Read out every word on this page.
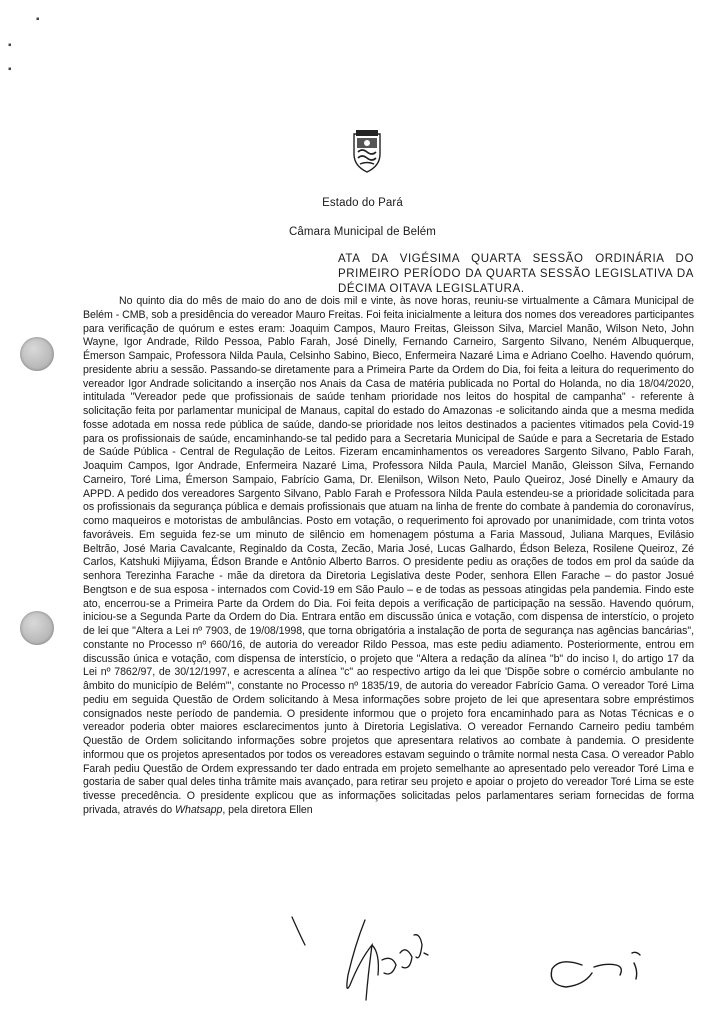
▪
▪
▪
Estado do Pará
Câmara Municipal de Belém
ATA DA VIGÉSIMA QUARTA SESSÃO ORDINÁRIA DO PRIMEIRO PERÍODO DA QUARTA SESSÃO LEGISLATIVA DA DÉCIMA OITAVA LEGISLATURA.

No quinto dia do mês de maio do ano de dois mil e vinte, às nove horas, reuniu-se virtualmente a Câmara Municipal de Belém - CMB, sob a presidência do vereador Mauro Freitas. Foi feita inicialmente a leitura dos nomes dos vereadores participantes para verificação de quórum e estes eram: Joaquim Campos, Mauro Freitas, Gleisson Silva, Marciel Manão, Wilson Neto, John Wayne, Igor Andrade, Rildo Pessoa, Pablo Farah, José Dinelly, Fernando Carneiro, Sargento Silvano, Neném Albuquerque, Émerson Sampaic, Professora Nilda Paula, Celsinho Sabino, Bieco, Enfermeira Nazaré Lima e Adriano Coelho. Havendo quórum, presidente abriu a sessão. Passando-se diretamente para a Primeira Parte da Ordem do Dia, foi feita a leitura do requerimento do vereador Igor Andrade solicitando a inserção nos Anais da Casa de matéria publicada no Portal do Holanda, no dia 18/04/2020, intitulada "Vereador pede que profissionais de saúde tenham prioridade nos leitos do hospital de campanha" - referente à solicitação feita por parlamentar municipal de Manaus, capital do estado do Amazonas -e solicitando ainda que a mesma medida fosse adotada em nossa rede pública de saúde, dando-se prioridade nos leitos destinados a pacientes vitimados pela Covid-19 para os profissionais de saúde, encaminhando-se tal pedido para a Secretaria Municipal de Saúde e para a Secretaria de Estado de Saúde Pública - Central de Regulação de Leitos. Fizeram encaminhamentos os vereadores Sargento Silvano, Pablo Farah, Joaquim Campos, Igor Andrade, Enfermeira Nazaré Lima, Professora Nilda Paula, Marciel Manão, Gleisson Silva, Fernando Carneiro, Toré Lima, Émerson Sampaio, Fabrício Gama, Dr. Elenilson, Wilson Neto, Paulo Queiroz, José Dinelly e Amaury da APPD. A pedido dos vereadores Sargento Silvano, Pablo Farah e Professora Nilda Paula estendeu-se a prioridade solicitada para os profissionais da segurança pública e demais profissionais que atuam na linha de frente do combate à pandemia do coronavírus, como maqueiros e motoristas de ambulâncias. Posto em votação, o requerimento foi aprovado por unanimidade, com trinta votos favoráveis. Em seguida fez-se um minuto de silêncio em homenagem póstuma a Faria Massoud, Juliana Marques, Evilásio Beltrão, José Maria Cavalcante, Reginaldo da Costa, Zecão, Maria José, Lucas Galhardo, Édson Beleza, Rosilene Queiroz, Zé Carlos, Katshuki Mijiyama, Édson Brande e Antônio Alberto Barros. O presidente pediu as orações de todos em prol da saúde da senhora Terezinha Farache - mãe da diretora da Diretoria Legislativa deste Poder, senhora Ellen Farache – do pastor Josué Bengtson e de sua esposa - internados com Covid-19 em São Paulo – e de todas as pessoas atingidas pela pandemia. Findo este ato, encerrou-se a Primeira Parte da Ordem do Dia. Foi feita depois a verificação de participação na sessão. Havendo quórum, iniciou-se a Segunda Parte da Ordem do Dia. Entrara então em discussão única e votação, com dispensa de interstício, o projeto de lei que "Altera a Lei nº 7903, de 19/08/1998, que torna obrigatória a instalação de porta de segurança nas agências bancárias", constante no Processo nº 660/16, de autoria do vereador Rildo Pessoa, mas este pediu adiamento. Posteriormente, entrou em discussão única e votação, com dispensa de interstício, o projeto que "Altera a redação da alínea "b" do inciso I, do artigo 17 da Lei nº 7862/97, de 30/12/1997, e acrescenta a alínea "c" ao respectivo artigo da lei que 'Dispõe sobre o comércio ambulante no âmbito do município de Belém'", constante no Processo nº 1835/19, de autoria do vereador Fabrício Gama. O vereador Toré Lima pediu em seguida Questão de Ordem solicitando à Mesa informações sobre projeto de lei que apresentara sobre empréstimos consignados neste período de pandemia. O presidente informou que o projeto fora encaminhado para as Notas Técnicas e o vereador poderia obter maiores esclarecimentos junto à Diretoria Legislativa. O vereador Fernando Carneiro pediu também Questão de Ordem solicitando informações sobre projetos que apresentara relativos ao combate à pandemia. O presidente informou que os projetos apresentados por todos os vereadores estavam seguindo o trâmite normal nesta Casa. O vereador Pablo Farah pediu Questão de Ordem expressando ter dado entrada em projeto semelhante ao apresentado pelo vereador Toré Lima e gostaria de saber qual deles tinha trâmite mais avançado, para retirar seu projeto e apoiar o projeto do vereador Toré Lima se este tivesse precedência. O presidente explicou que as informações solicitadas pelos parlamentares seriam fornecidas de forma privada, através do Whatsapp, pela diretora Ellen
